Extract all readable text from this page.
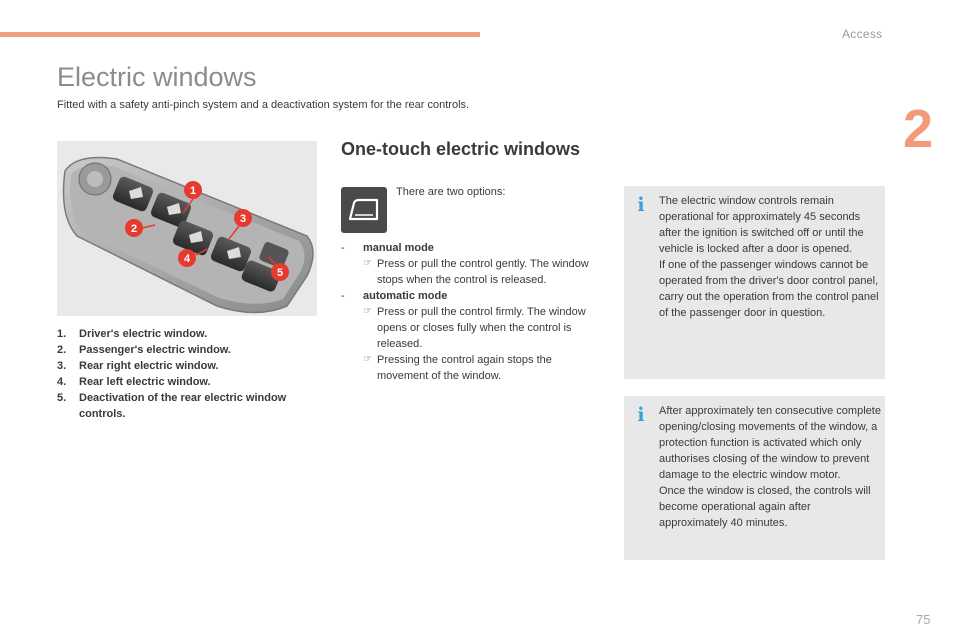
Access
2
Electric windows
Fitted with a safety anti-pinch system and a deactivation system for the rear controls.
1
2
3
4
5
1.	Driver's electric window.
2.	Passenger's electric window.
3.	Rear right electric window.
4.	Rear left electric window.
5.	Deactivation of the rear electric window controls.
One-touch electric windows
There are two options:
-	manual mode
☞ Press or pull the control gently. The window stops when the control is released.
-	automatic mode
☞ Press or pull the control firmly. The window opens or closes fully when the control is released.
☞ Pressing the control again stops the movement of the window.
i The electric window controls remain operational for approximately 45 seconds after the ignition is switched off or until the vehicle is locked after a door is opened.

If one of the passenger windows cannot be operated from the driver's door control panel, carry out the operation from the control panel of the passenger door in question.

i After approximately ten consecutive complete opening/closing movements of the window, a protection function is activated which only authorises closing of the window to prevent damage to the electric window motor.

Once the window is closed, the controls will become operational again after approximately 40 minutes.

75
